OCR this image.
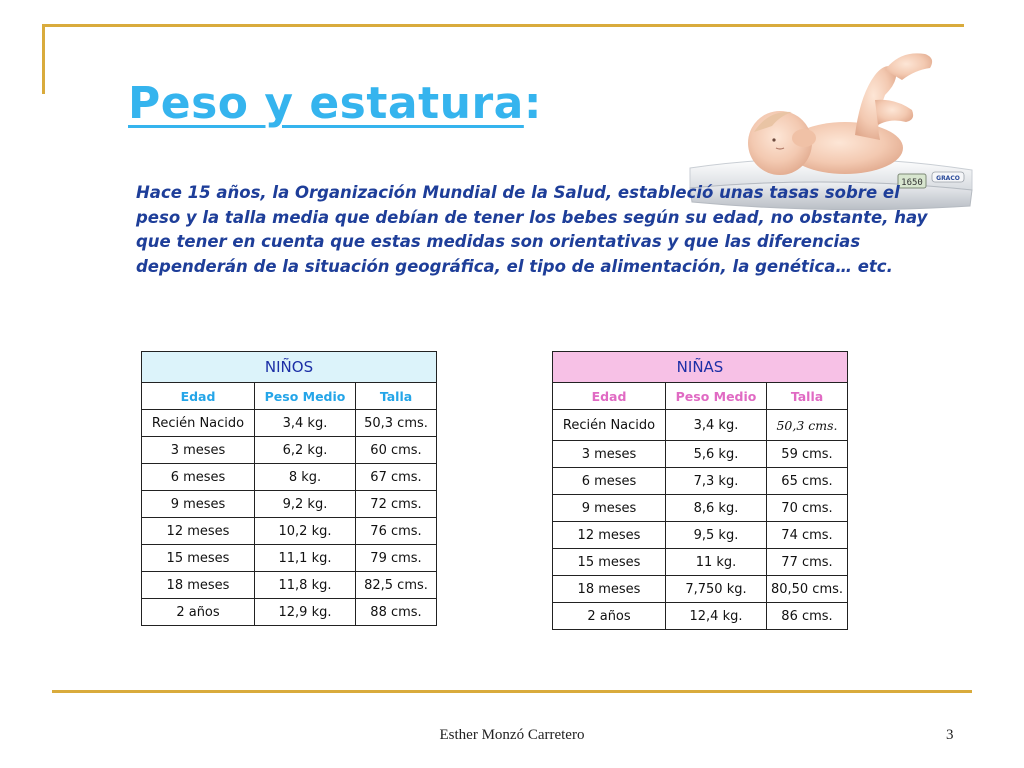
Peso y estatura:
1650 GRACO

Hace 15 años, la Organización Mundial de la Salud, estableció unas tasas sobre el peso y la talla media que debían de tener los bebes según su edad, no obstante, hay que tener en cuenta que estas medidas son orientativas y que las diferencias dependerán de la situación geográfica, el tipo de alimentación, la genética… etc.

NIÑOS		
Edad	Peso Medio	Talla
Recién Nacido	3,4 kg.	50,3 cms.
3 meses	6,2 kg.	60 cms.
6 meses	8 kg.	67 cms.
9 meses	9,2 kg.	72 cms.
12 meses	10,2 kg.	76 cms.
15 meses	11,1 kg.	79 cms.
18 meses	11,8 kg.	82,5 cms.
2 años	12,9 kg.	88 cms.
NIÑAS		
Edad	Peso Medio	Talla
Recién Nacido	3,4 kg.	50,3 cms.
3 meses	5,6 kg.	59 cms.
6 meses	7,3 kg.	65 cms.
9 meses	8,6 kg.	70 cms.
12 meses	9,5 kg.	74 cms.
15 meses	11 kg.	77 cms.
18 meses	7,750 kg.	80,50 cms.
2 años	12,4 kg.	86 cms.
Esther Monzó Carretero	3
